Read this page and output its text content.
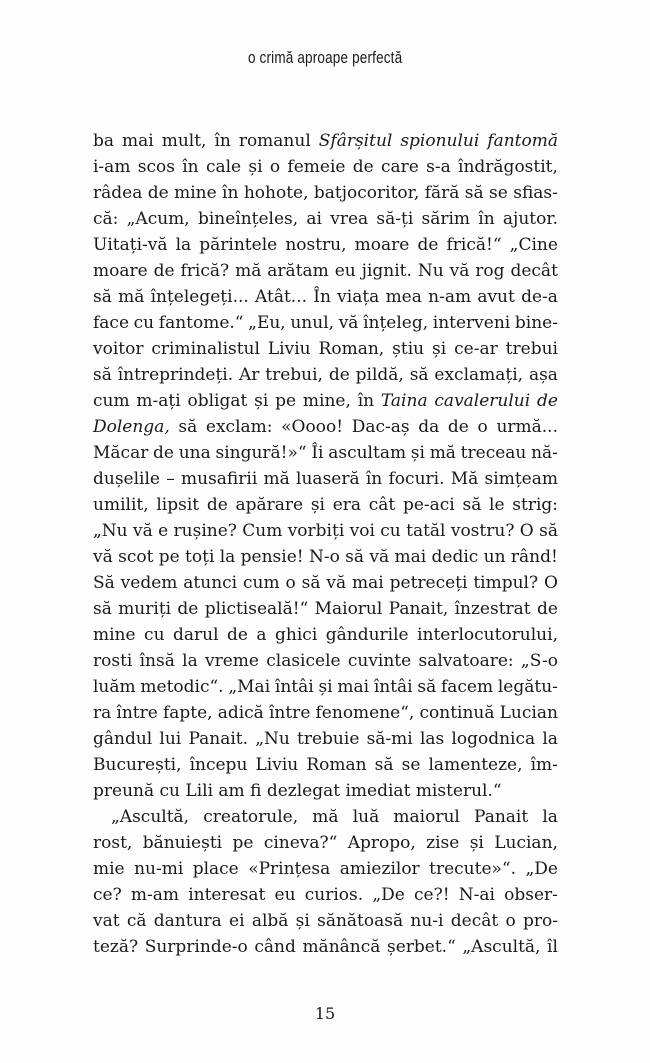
o crimă aproape perfectă
ba mai mult, în romanul Sfârșitul spionului fantomă
i-am scos în cale și o femeie de care s-a îndrăgostit,
râdea de mine în hohote, batjocoritor, fără să se sfias-
că: „Acum, bineînțeles, ai vrea să-ți sărim în ajutor.
Uitați-vă la părintele nostru, moare de frică!“ „Cine
moare de frică? mă arătam eu jignit. Nu vă rog decât
să mă înțelegeți... Atât... În viața mea n-am avut de-a
face cu fantome.“ „Eu, unul, vă înțeleg, interveni bine-
voitor criminalistul Liviu Roman, știu și ce-ar trebui
să întreprindeți. Ar trebui, de pildă, să exclamați, așa
cum m-ați obligat și pe mine, în Taina cavalerului de
Dolenga, să exclam: «Oooo! Dac-aș da de o urmă...
Măcar de una singură!»“ Îi ascultam și mă treceau nă-
dușelile – musafirii mă luaseră în focuri. Mă simțeam
umilit, lipsit de apărare și era cât pe-aci să le strig:
„Nu vă e rușine? Cum vorbiți voi cu tatăl vostru? O să
vă scot pe toți la pensie! N-o să vă mai dedic un rând!
Să vedem atunci cum o să vă mai petreceți timpul? O
să muriți de plictiseală!“ Maiorul Panait, înzestrat de
mine cu darul de a ghici gândurile interlocutorului,
rosti însă la vreme clasicele cuvinte salvatoare: „S-o
luăm metodic“. „Mai întâi și mai întâi să facem legătu-
ra între fapte, adică între fenomene“, continuă Lucian
gândul lui Panait. „Nu trebuie să-mi las logodnica la
București, începu Liviu Roman să se lamenteze, îm-
preună cu Lili am fi dezlegat imediat misterul.“
„Ascultă, creatorule, mă luă maiorul Panait la
rost, bănuiești pe cineva?“ Apropo, zise și Lucian,
mie nu-mi place «Prințesa amiezilor trecute»“. „De
ce? m-am interesat eu curios. „De ce?! N-ai obser-
vat că dantura ei albă și sănătoasă nu-i decât o pro-
teză? Surprinde-o când mănâncă șerbet.“ „Ascultă, îl
15
